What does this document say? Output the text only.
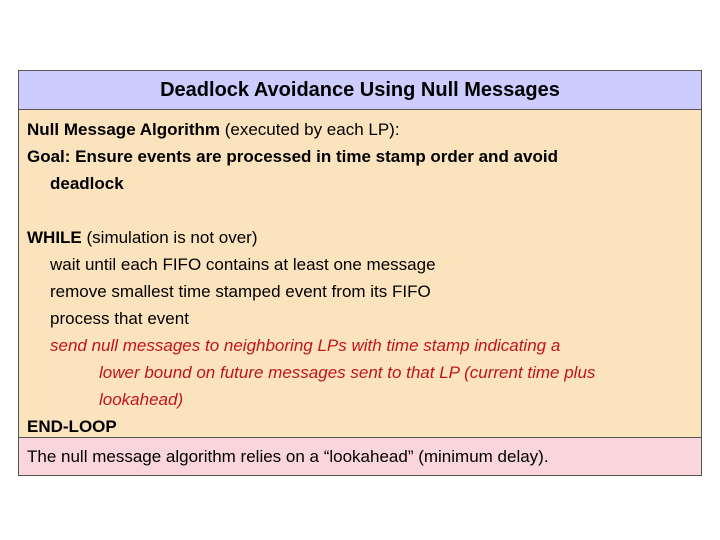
Deadlock Avoidance Using Null Messages
Null Message Algorithm (executed by each LP):
Goal: Ensure events are processed in time stamp order and avoid
deadlock
WHILE (simulation is not over)
wait until each FIFO contains at least one message
remove smallest time stamped event from its FIFO
process that event
send null messages to neighboring LPs with time stamp indicating a
lower bound on future messages sent to that LP (current time plus
lookahead)
END-LOOP
The null message algorithm relies on a “lookahead” (minimum delay).
